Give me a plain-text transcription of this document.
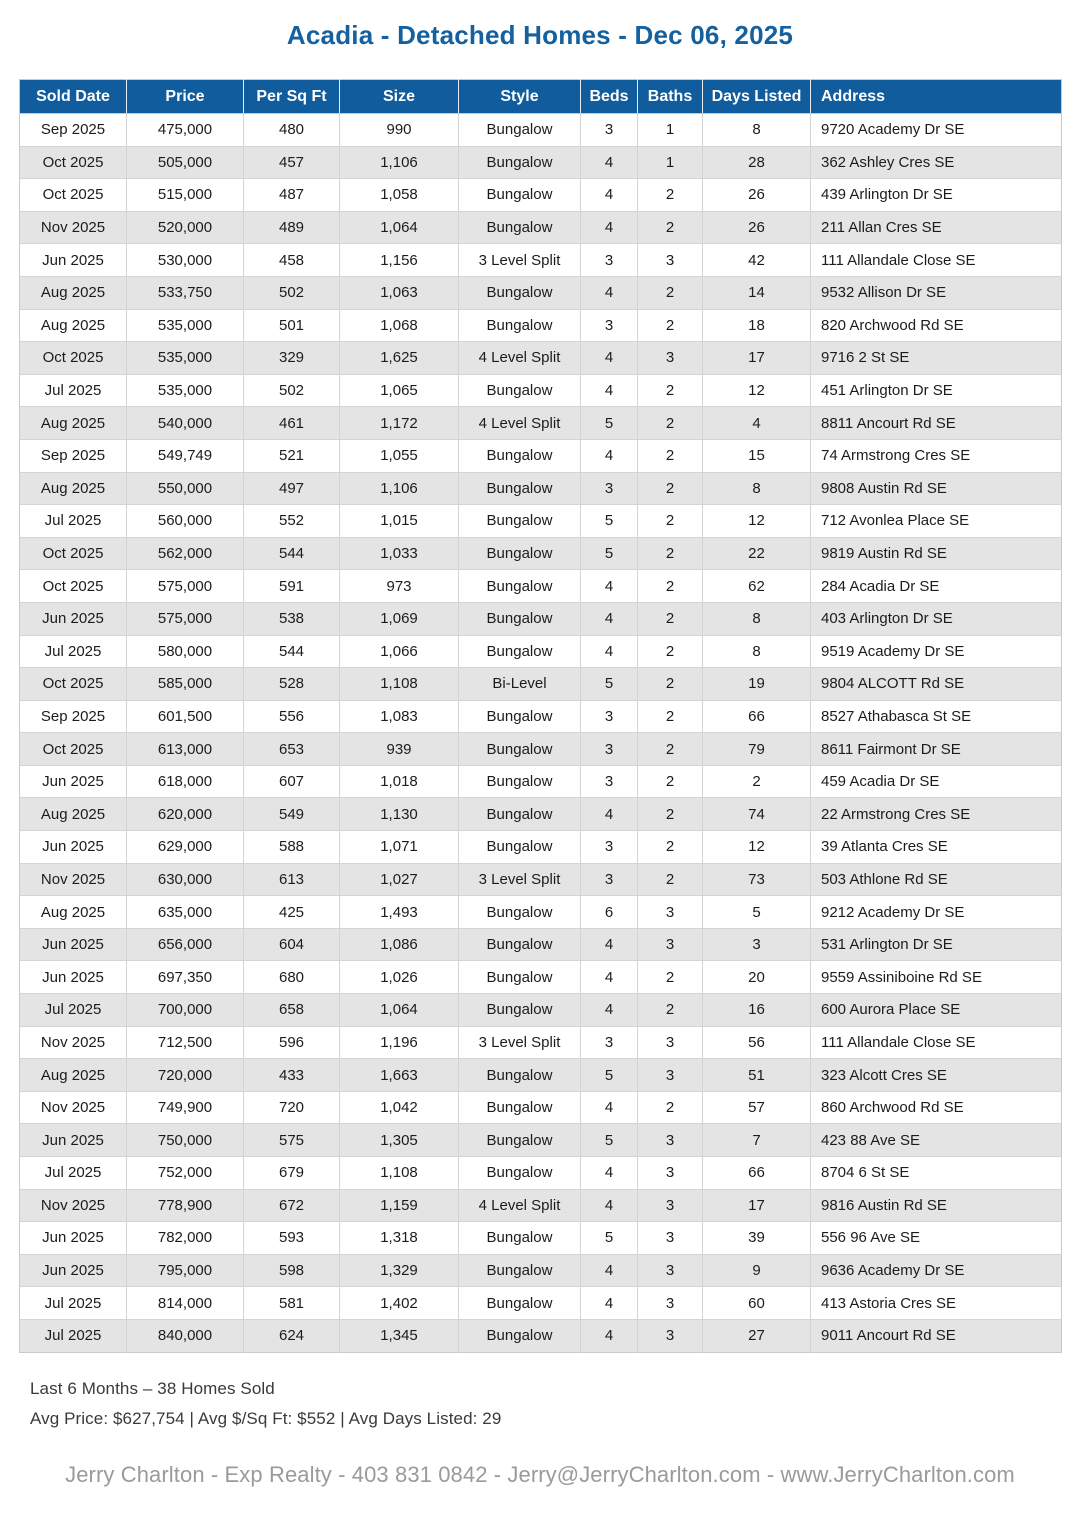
Acadia - Detached Homes - Dec 06, 2025
Sold Date	Price	Per Sq Ft	Size	Style	Beds	Baths	Days Listed	Address
Sep 2025	475,000	480	990	Bungalow	3	1	8	9720 Academy Dr SE
Oct 2025	505,000	457	1,106	Bungalow	4	1	28	362 Ashley Cres SE
Oct 2025	515,000	487	1,058	Bungalow	4	2	26	439 Arlington Dr SE
Nov 2025	520,000	489	1,064	Bungalow	4	2	26	211 Allan Cres SE
Jun 2025	530,000	458	1,156	3 Level Split	3	3	42	111 Allandale Close SE
Aug 2025	533,750	502	1,063	Bungalow	4	2	14	9532 Allison Dr SE
Aug 2025	535,000	501	1,068	Bungalow	3	2	18	820 Archwood Rd SE
Oct 2025	535,000	329	1,625	4 Level Split	4	3	17	9716 2 St SE
Jul 2025	535,000	502	1,065	Bungalow	4	2	12	451 Arlington Dr SE
Aug 2025	540,000	461	1,172	4 Level Split	5	2	4	8811 Ancourt Rd SE
Sep 2025	549,749	521	1,055	Bungalow	4	2	15	74 Armstrong Cres SE
Aug 2025	550,000	497	1,106	Bungalow	3	2	8	9808 Austin Rd SE
Jul 2025	560,000	552	1,015	Bungalow	5	2	12	712 Avonlea Place SE
Oct 2025	562,000	544	1,033	Bungalow	5	2	22	9819 Austin Rd SE
Oct 2025	575,000	591	973	Bungalow	4	2	62	284 Acadia Dr SE
Jun 2025	575,000	538	1,069	Bungalow	4	2	8	403 Arlington Dr SE
Jul 2025	580,000	544	1,066	Bungalow	4	2	8	9519 Academy Dr SE
Oct 2025	585,000	528	1,108	Bi-Level	5	2	19	9804 ALCOTT Rd SE
Sep 2025	601,500	556	1,083	Bungalow	3	2	66	8527 Athabasca St SE
Oct 2025	613,000	653	939	Bungalow	3	2	79	8611 Fairmont Dr SE
Jun 2025	618,000	607	1,018	Bungalow	3	2	2	459 Acadia Dr SE
Aug 2025	620,000	549	1,130	Bungalow	4	2	74	22 Armstrong Cres SE
Jun 2025	629,000	588	1,071	Bungalow	3	2	12	39 Atlanta Cres SE
Nov 2025	630,000	613	1,027	3 Level Split	3	2	73	503 Athlone Rd SE
Aug 2025	635,000	425	1,493	Bungalow	6	3	5	9212 Academy Dr SE
Jun 2025	656,000	604	1,086	Bungalow	4	3	3	531 Arlington Dr SE
Jun 2025	697,350	680	1,026	Bungalow	4	2	20	9559 Assiniboine Rd SE
Jul 2025	700,000	658	1,064	Bungalow	4	2	16	600 Aurora Place SE
Nov 2025	712,500	596	1,196	3 Level Split	3	3	56	111 Allandale Close SE
Aug 2025	720,000	433	1,663	Bungalow	5	3	51	323 Alcott Cres SE
Nov 2025	749,900	720	1,042	Bungalow	4	2	57	860 Archwood Rd SE
Jun 2025	750,000	575	1,305	Bungalow	5	3	7	423 88 Ave SE
Jul 2025	752,000	679	1,108	Bungalow	4	3	66	8704 6 St SE
Nov 2025	778,900	672	1,159	4 Level Split	4	3	17	9816 Austin Rd SE
Jun 2025	782,000	593	1,318	Bungalow	5	3	39	556 96 Ave SE
Jun 2025	795,000	598	1,329	Bungalow	4	3	9	9636 Academy Dr SE
Jul 2025	814,000	581	1,402	Bungalow	4	3	60	413 Astoria Cres SE
Jul 2025	840,000	624	1,345	Bungalow	4	3	27	9011 Ancourt Rd SE
Last 6 Months – 38 Homes Sold
Avg Price: $627,754 | Avg $/Sq Ft: $552 | Avg Days Listed: 29
Jerry Charlton - Exp Realty - 403 831 0842 - Jerry@JerryCharlton.com - www.JerryCharlton.com
